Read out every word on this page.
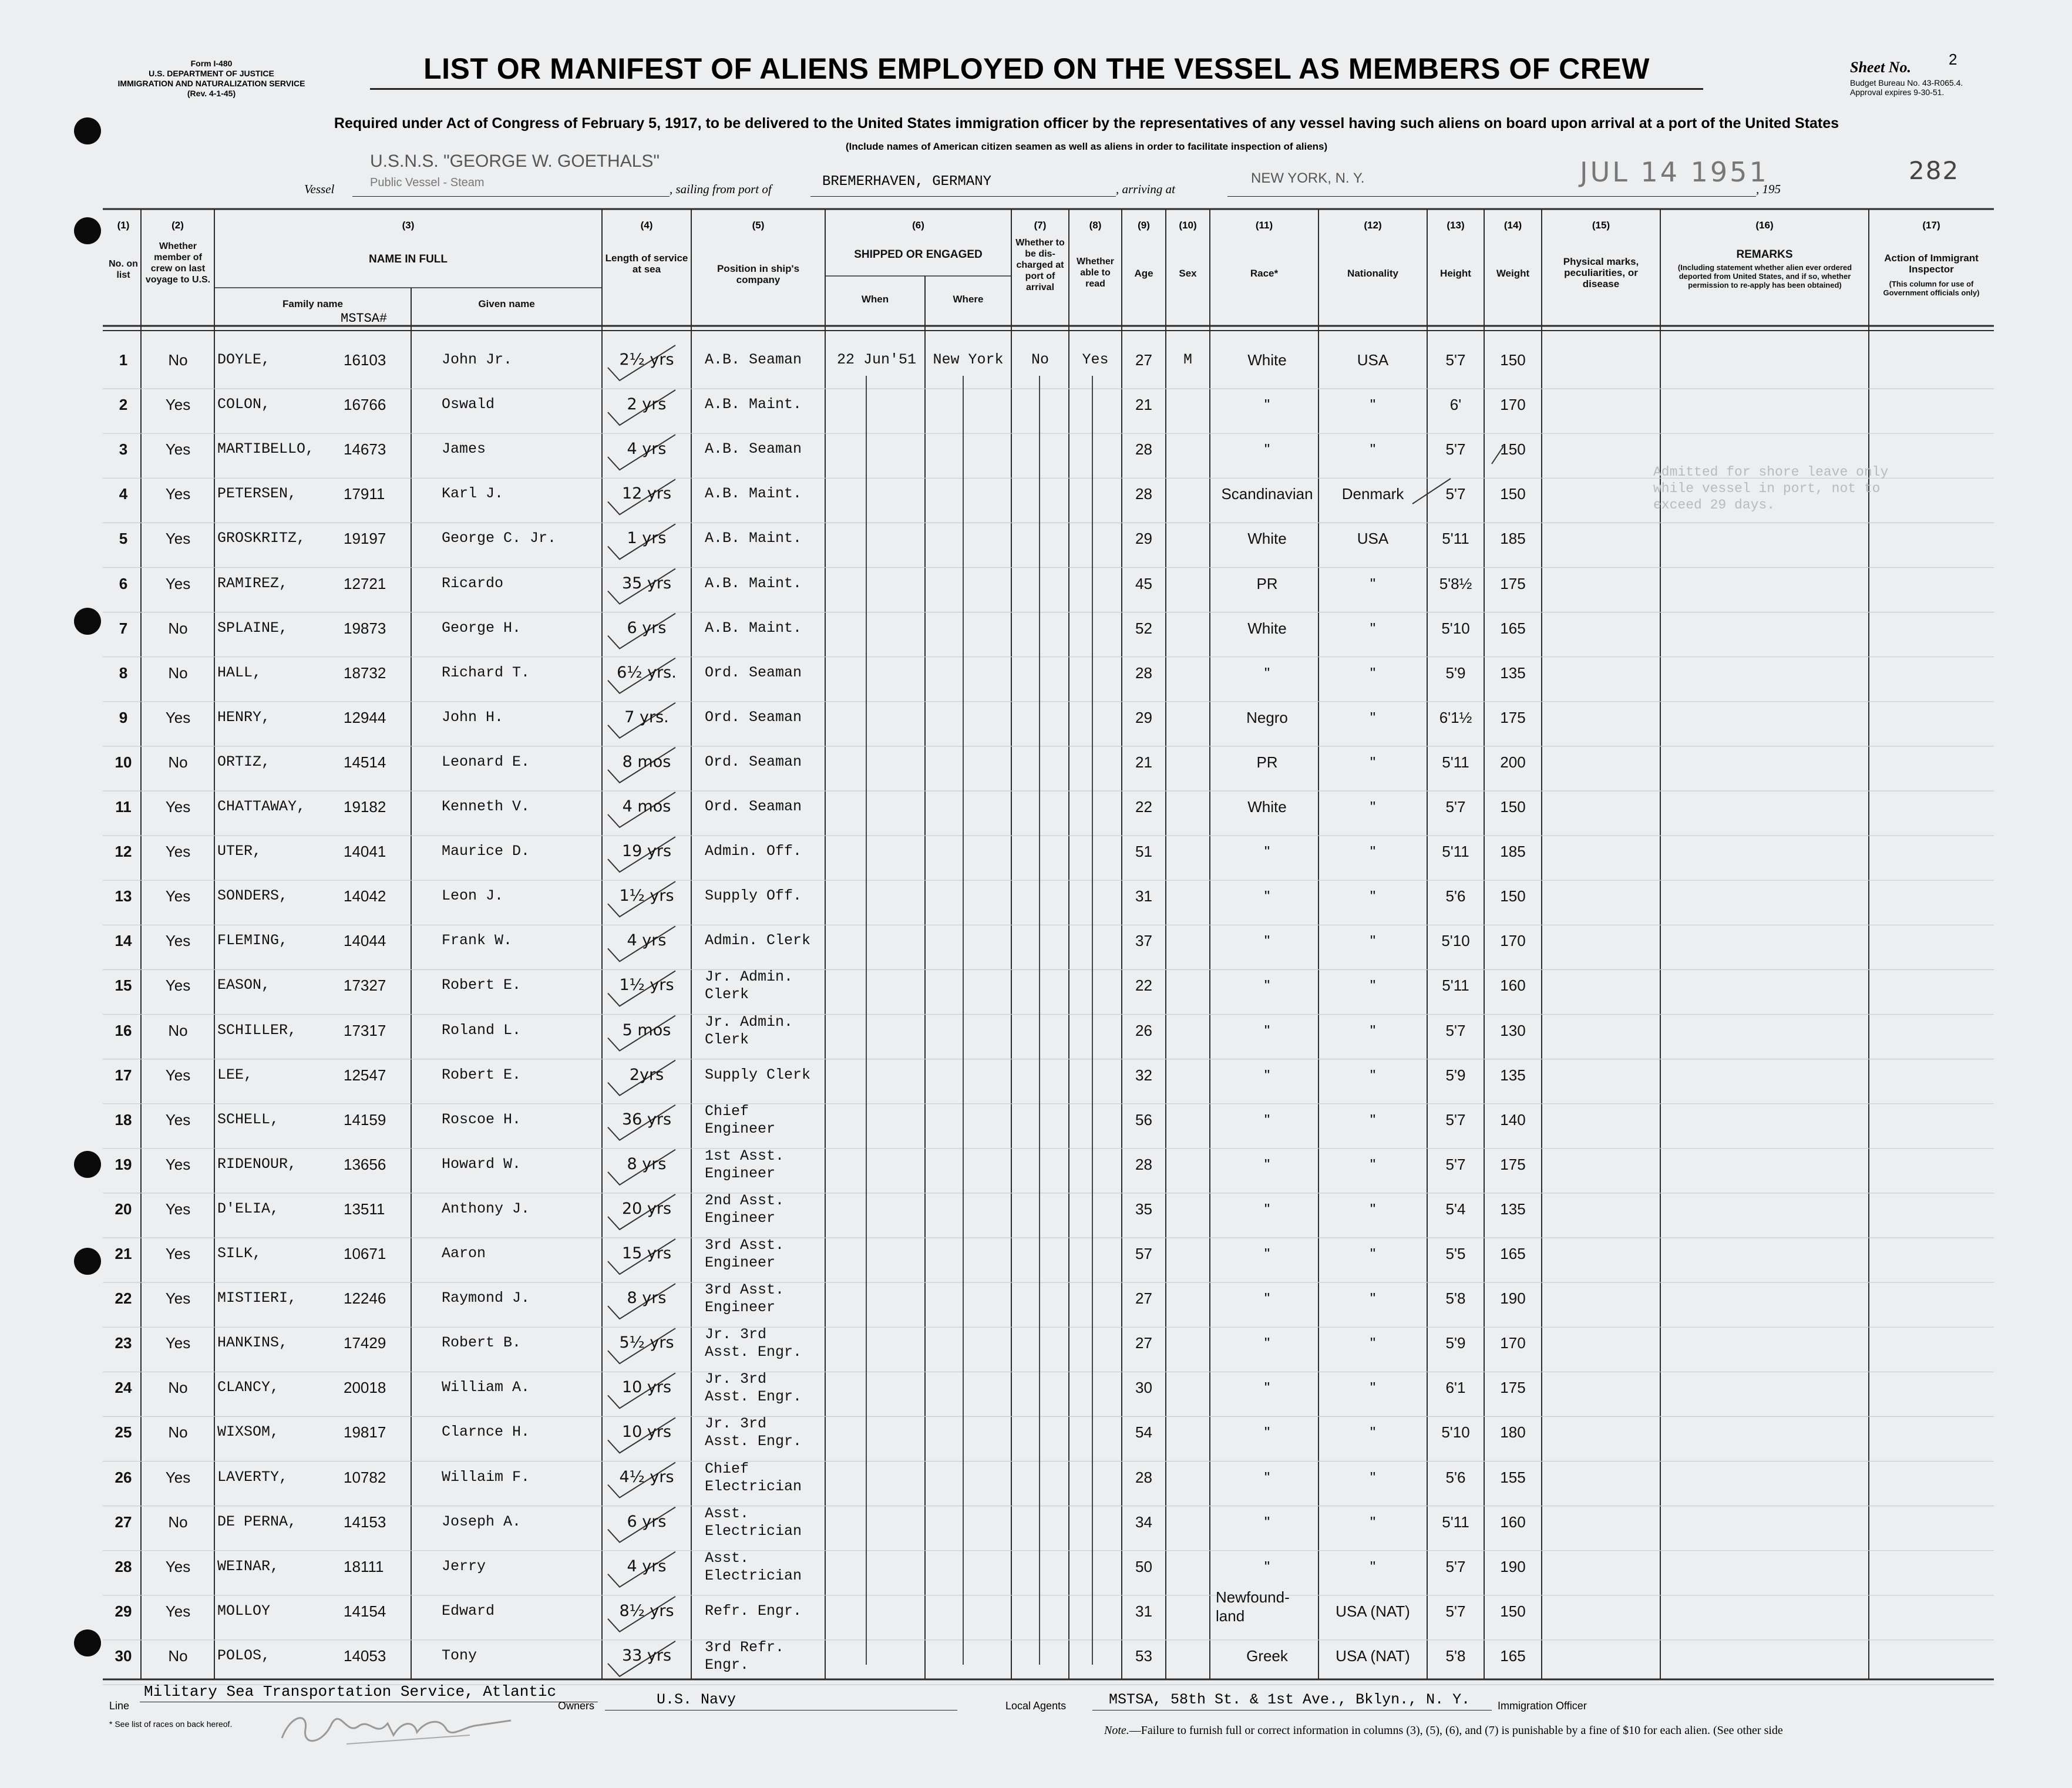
Form I-480
U.S. DEPARTMENT OF JUSTICE
IMMIGRATION AND NATURALIZATION SERVICE
(Rev. 4-1-45)
LIST OR MANIFEST OF ALIENS EMPLOYED ON THE VESSEL AS MEMBERS OF CREW	Sheet No. 2
Budget Bureau No. 43-R065.4.
Approval expires 9-30-51.
Required under Act of Congress of February 5, 1917, to be delivered to the United States immigration officer by the representatives of any vessel having such aliens on board upon arrival at a port of the United States
(Include names of American citizen seamen as well as aliens in order to facilitate inspection of aliens)
Vessel
U.S.N.S. "GEORGE W. GOETHALS"
Public Vessel - Steam	, sailing from port of	BREMERHAVEN, GERMANY	, arriving at
NEW YORK, N. Y.	JUL 14 1951
, 195
282
(1)	(2)	(3)	(4)	(5)	(6)	(7)	(8)	(9)	(10)	(11)	(12)	(13)	(14)	(15)	(16)	(17)
No. on list
Whether member of crew on last voyage to U.S.
NAME IN FULL
Family name
MSTSA#
Given name
Length of service at sea	Position in ship's company
SHIPPED OR ENGAGED
When	Where
Whether to be dis-charged at port of arrival
Whether able to read
Age	Sex	Race*	Nationality	Height	Weight
Physical marks, peculiarities, or disease
REMARKS
(Including statement whether alien ever ordered deported from United States, and if so, whether permission to re-apply has been obtained)
Action of Immigrant Inspector
(This column for use of Government officials only)
1	No	DOYLE,	16103	John Jr.	2½ yrs	A.B. Seaman	22 Jun'51	New York	No	Yes	27	M	White	USA	5'7	150
2	Yes	COLON,	16766	Oswald	2 yrs	A.B. Maint.	21	"	"	6'	170
3	Yes	MARTIBELLO, 14673	James	4 yrs	A.B. Seaman	28	"	"	5'7	150
4	Yes	PETERSEN,	17911	Karl J.	12 yrs	A.B. Maint.	28	Scandinavian	Denmark	5'7	150
5	Yes	GROSKRITZ, 19197	George C. Jr.	1 yrs	A.B. Maint.	29	White	USA	5'11	185
6	Yes	RAMIREZ,	12721	Ricardo	35 yrs	A.B. Maint.	45	PR	"	5'8½	175
7	No	SPLAINE,	19873	George H.	6 yrs	A.B. Maint.	52	White	"	5'10	165
8	No	HALL,	18732	Richard T.	6½ yrs.	Ord. Seaman	28	"	"	5'9	135
9	Yes	HENRY,	12944	John H.	7 yrs.	Ord. Seaman	29	Negro	"	6'1½	175
10	No	ORTIZ,	14514	Leonard E.	8 mos	Ord. Seaman	21	PR	"	5'11	200
11	Yes	CHATTAWAY, 19182	Kenneth V.	4 mos	Ord. Seaman	22	White	"	5'7	150
12	Yes	UTER,	14041	Maurice D.	19 yrs	Admin. Off.	51	"	"	5'11	185
13	Yes	SONDERS,	14042	Leon J.	1½ yrs	Supply Off.	31	"	"	5'6	150
14	Yes	FLEMING,	14044	Frank W.	4 yrs	Admin. Clerk	37	"	"	5'10	170
15	Yes	EASON,	17327	Robert E.	1½ yrs	Jr. Admin.
Clerk
22	"	"	5'11	160
16	No	SCHILLER,	17317	Roland L.	5 mos	Jr. Admin.
Clerk
26	"	"	5'7	130
17	Yes	LEE,	12547	Robert E.	2yrs	Supply Clerk	32	"	"	5'9	135
18	Yes	SCHELL,	14159	Roscoe H.	36 yrs	Chief
Engineer
56	"	"	5'7	140
19	Yes	RIDENOUR,	13656	Howard W.	8 yrs	1st Asst.
Engineer
28	"	"	5'7	175
20	Yes	D'ELIA,	13511	Anthony J.	20 yrs	2nd Asst.
Engineer
35	"	"	5'4	135
21	Yes	SILK,	10671	Aaron	15 yrs	3rd Asst.
Engineer
57	"	"	5'5	165
22	Yes	MISTIERI,	12246	Raymond J.	8 yrs	3rd Asst.
Engineer
27	"	"	5'8	190
23	Yes	HANKINS,	17429	Robert B.	5½ yrs	Jr. 3rd
Asst. Engr.
27	"	"	5'9	170
24	No	CLANCY,	20018	William A.	10 yrs	Jr. 3rd
Asst. Engr.
30	"	"	6'1	175
25	No	WIXSOM,	19817	Clarnce H.	10 yrs	Jr. 3rd
Asst. Engr.
54	"	"	5'10	180
26	Yes	LAVERTY,	10782	Willaim F.	4½ yrs	Chief
Electrician
28	"	"	5'6	155
27	No	DE PERNA,	14153	Joseph A.	6 yrs	Asst.
Electrician
34	"	"	5'11	160
28	Yes	WEINAR,	18111	Jerry	4 yrs	Asst.
Electrician
50	"	"	5'7	190
29	Yes	MOLLOY	14154	Edward	8½ yrs	Refr. Engr.	31
Newfound-
land	USA (NAT)	5'7	150
30	No	POLOS,	14053	Tony	33 yrs	3rd Refr.
Engr.
53	Greek	USA (NAT)	5'8	165
Admitted for shore leave only
while vessel in port, not to
exceed 29 days.
Line
Military Sea Transportation Service, Atlantic
Owners	U.S. Navy	Local Agents	MSTSA, 58th St. & 1st Ave., Bklyn., N. Y.	Immigration Officer
* See list of races on back hereof.	Note.—Failure to furnish full or correct information in columns (3), (5), (6), and (7) is punishable by a fine of $10 for each alien. (See other side
